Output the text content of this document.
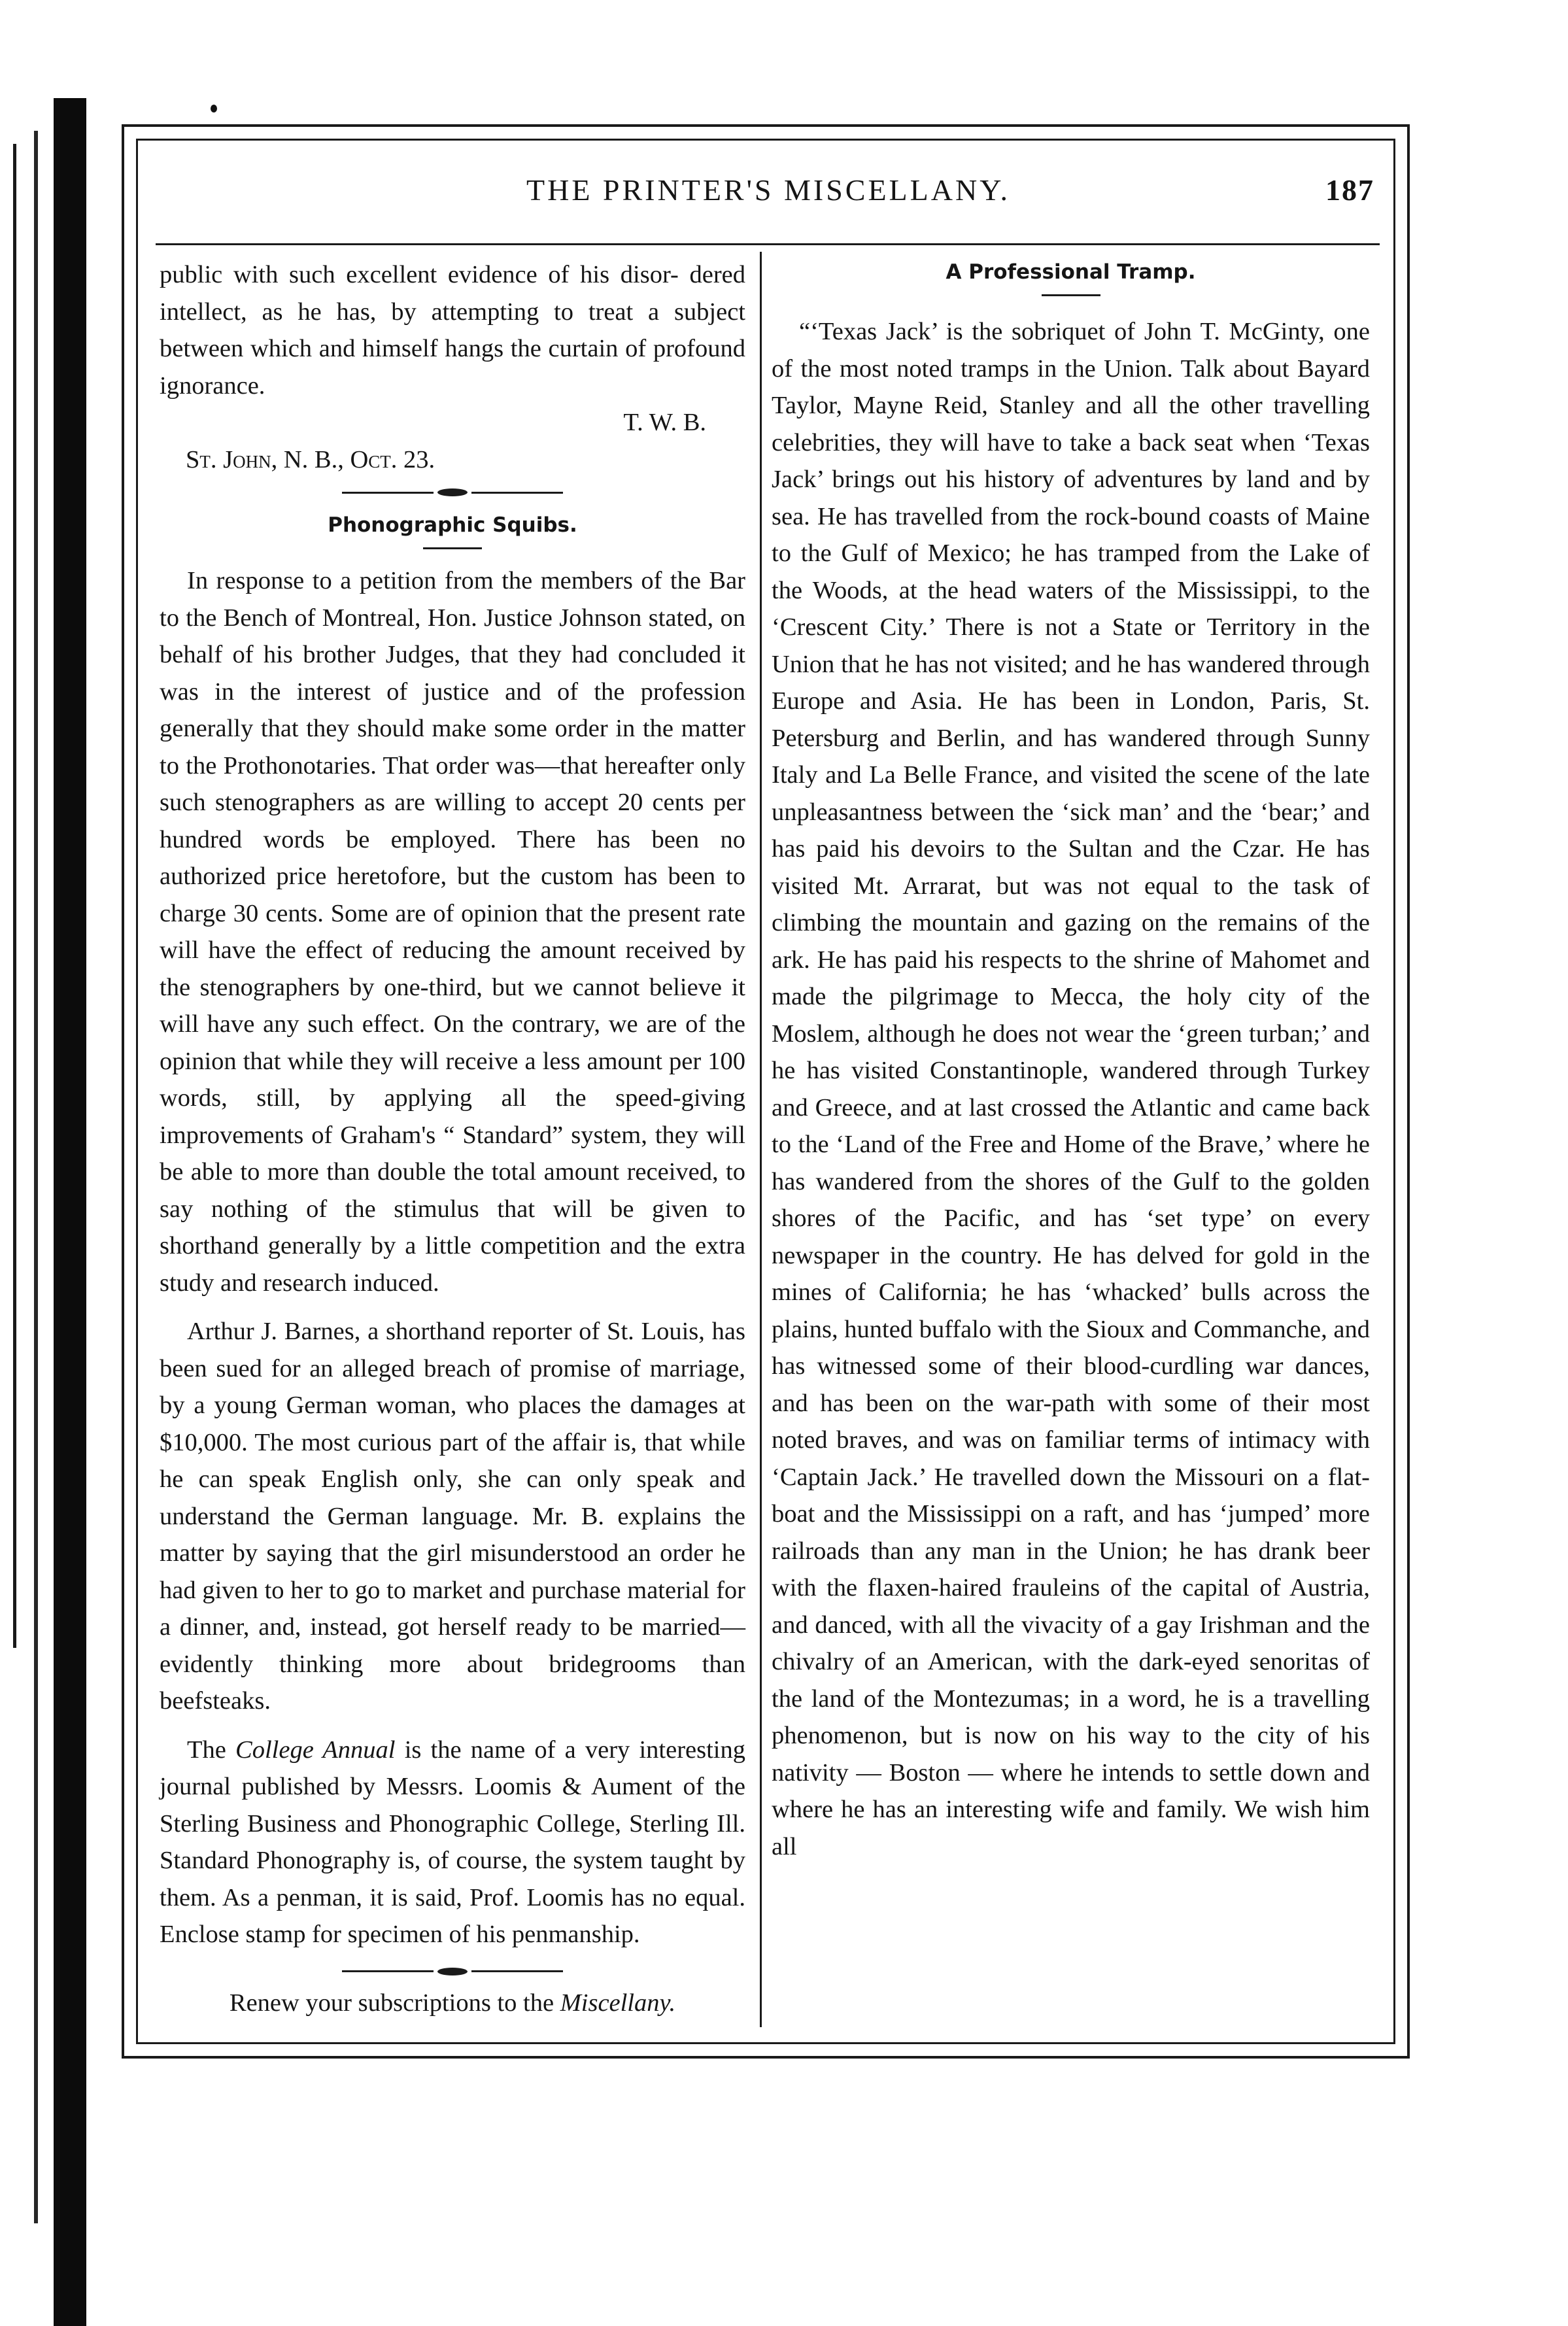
THE PRINTER'S MISCELLANY.	187

public with such excellent evidence of his disor- dered intellect, as he has, by attempting to treat a subject between which and himself hangs the curtain of profound ignorance.

T. W. B.

St. John, N. B., Oct. 23.

Phonographic Squibs.

In response to a petition from the members of the Bar to the Bench of Montreal, Hon. Justice Johnson stated, on behalf of his brother Judges, that they had concluded it was in the interest of justice and of the profession generally that they should make some order in the matter to the Prothonotaries. That order was—that hereafter only such stenographers as are willing to accept 20 cents per hundred words be employed. There has been no authorized price heretofore, but the custom has been to charge 30 cents. Some are of opinion that the present rate will have the effect of reducing the amount received by the stenographers by one-third, but we cannot believe it will have any such effect. On the contrary, we are of the opinion that while they will receive a less amount per 100 words, still, by applying all the speed-giving improvements of Graham's “ Standard” system, they will be able to more than double the total amount received, to say nothing of the stimulus that will be given to shorthand generally by a little competition and the extra study and research induced.

Arthur J. Barnes, a shorthand reporter of St. Louis, has been sued for an alleged breach of promise of marriage, by a young German woman, who places the damages at $10,000. The most curious part of the affair is, that while he can speak English only, she can only speak and understand the German language. Mr. B. explains the matter by saying that the girl misunderstood an order he had given to her to go to market and purchase material for a dinner, and, instead, got herself ready to be married—evidently thinking more about bridegrooms than beefsteaks.

The College Annual is the name of a very interesting journal published by Messrs. Loomis & Aument of the Sterling Business and Phonographic College, Sterling Ill. Standard Phonography is, of course, the system taught by them. As a penman, it is said, Prof. Loomis has no equal. Enclose stamp for specimen of his penmanship.

Renew your subscriptions to the Miscellany.

A Professional Tramp.

“‘Texas Jack’ is the sobriquet of John T. McGinty, one of the most noted tramps in the Union. Talk about Bayard Taylor, Mayne Reid, Stanley and all the other travelling celebrities, they will have to take a back seat when ‘Texas Jack’ brings out his history of adventures by land and by sea. He has travelled from the rock-bound coasts of Maine to the Gulf of Mexico; he has tramped from the Lake of the Woods, at the head waters of the Mississippi, to the ‘Crescent City.’ There is not a State or Territory in the Union that he has not visited; and he has wandered through Europe and Asia. He has been in London, Paris, St. Petersburg and Berlin, and has wandered through Sunny Italy and La Belle France, and visited the scene of the late unpleasantness between the ‘sick man’ and the ‘bear;’ and has paid his devoirs to the Sultan and the Czar. He has visited Mt. Arrarat, but was not equal to the task of climbing the mountain and gazing on the remains of the ark. He has paid his respects to the shrine of Mahomet and made the pilgrimage to Mecca, the holy city of the Moslem, although he does not wear the ‘green turban;’ and he has visited Constantinople, wandered through Turkey and Greece, and at last crossed the Atlantic and came back to the ‘Land of the Free and Home of the Brave,’ where he has wandered from the shores of the Gulf to the golden shores of the Pacific, and has ‘set type’ on every newspaper in the country. He has delved for gold in the mines of California; he has ‘whacked’ bulls across the plains, hunted buffalo with the Sioux and Commanche, and has witnessed some of their blood-curdling war dances, and has been on the war-path with some of their most noted braves, and was on familiar terms of intimacy with ‘Captain Jack.’ He travelled down the Missouri on a flat-boat and the Mississippi on a raft, and has ‘jumped’ more railroads than any man in the Union; he has drank beer with the flaxen-haired frauleins of the capital of Austria, and danced, with all the vivacity of a gay Irishman and the chivalry of an American, with the dark-eyed senoritas of the land of the Montezumas; in a word, he is a travelling phenomenon, but is now on his way to the city of his nativity — Boston — where he intends to settle down and where he has an interesting wife and family. We wish him all
